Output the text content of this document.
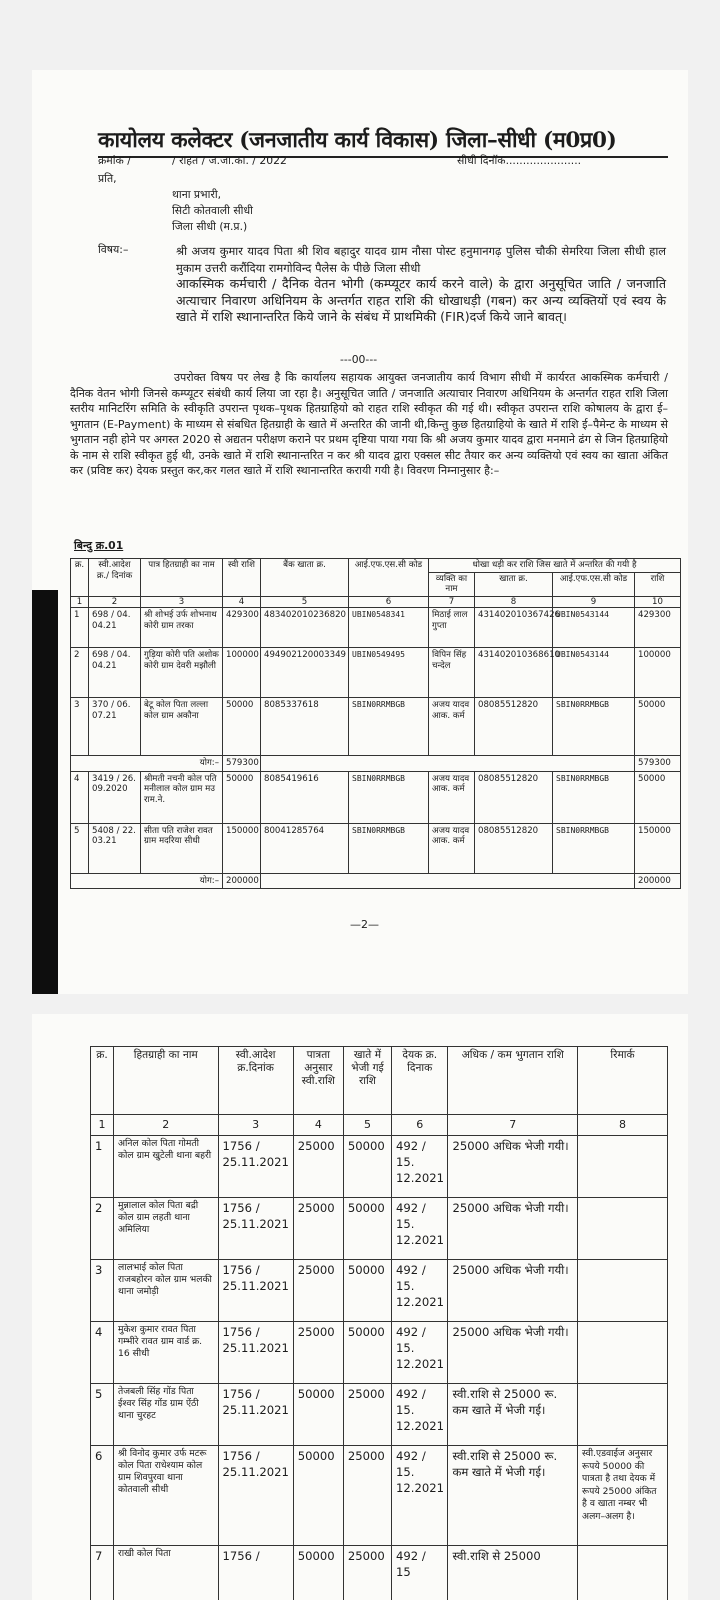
कायोलय कलेक्टर (जनजातीय कार्य विकास) जिला–सीधी (म0प्र0)
क्रमांक /	/ राहत / ज.जा.का. / 2022	सीधी दिनॉक......................
प्रति,
थाना प्रभारी,
सिटी कोतवाली सीधी
जिला सीधी (म.प्र.)
विषय:–	श्री अजय कुमार यादव पिता श्री शिव बहादुर यादव ग्राम नौसा पोस्ट हनुमानगढ़ पुलिस चौकी सेमरिया जिला सीधी हाल मुकाम उत्तरी करौंदिया रामगोविन्द पैलेस के पीछे जिला सीधी
आकस्मिक कर्मचारी / दैनिक वेतन भोगी (कम्प्यूटर कार्य करने वाले) के द्वारा अनुसूचित जाति / जनजाति अत्याचार निवारण अधिनियम के अन्तर्गत राहत राशि की धोखाधड़ी (गबन) कर अन्य व्यक्तियों एवं स्वय के खाते में राशि स्थानान्तरित किये जाने के संबंध में प्राथमिकी (FIR)दर्ज किये जाने बावत्।
---00---
उपरोक्त विषय पर लेख है कि कार्यालय सहायक आयुक्त जनजातीय कार्य विभाग सीधी में कार्यरत आकस्मिक कर्मचारी / दैनिक वेतन भोगी जिनसे कम्प्यूटर संबंधी कार्य लिया जा रहा है। अनुसूचित जाति / जनजाति अत्याचार निवारण अधिनियम के अन्तर्गत राहत राशि जिला स्तरीय मानिटरिंग समिति के स्वीकृति उपरान्त पृथक–पृथक हितग्राहियो को राहत राशि स्वीकृत की गई थी। स्वीकृत उपरान्त राशि कोषालय के द्वारा ई–भुगतान (E-Payment) के माध्यम से संबधित हितग्राही के खाते में अन्तरित की जानी थी,किन्तु कुछ हितग्राहियो के खाते में राशि ई–पैमेन्ट के माध्यम से भुगतान नही होने पर अगस्त 2020 से अद्यतन परीक्षण कराने पर प्रथम दृष्टिया पाया गया कि श्री अजय कुमार यादव द्वारा मनमाने ढंग से जिन हितग्राहियो के नाम से राशि स्वीकृत हुई थी, उनके खाते में राशि स्थानान्तरित न कर श्री यादव द्वारा एक्सल सीट तैयार कर अन्य व्यक्तियो एवं स्वय का खाता अंकित कर (प्रविष्ट कर) देयक प्रस्तुत कर,कर गलत खाते में राशि स्थानान्तरित करायी गयी है। विवरण निम्नानुसार है:–
बिन्दु क्र.01
क्र.	स्वी.आदेश क्र./ दिनांक	पात्र हितग्राही का नाम	स्वी राशि	बैंक खाता क्र.	आई.एफ.एस.सी कोड	धोखा धड़ी कर राशि जिस खाते में अन्तरित की गयी है			
						व्यक्ति का नाम	खाता क्र.	आई.एफ.एस.सी कोड	राशि
1	2	3	4	5	6	7	8	9	10
1	698 / 04. 04.21	श्री शोभई उर्फ शोभनाथ कोरी ग्राम तरका	429300	483402010236820	UBIN0548341	मिठाई लाल गुप्ता	431402010367426	UBIN0543144	429300
2	698 / 04. 04.21	गुड़िया कोरी पति अशोक कोरी ग्राम देवरी मझौली	100000	494902120003349	UBIN0549495	विपिन सिंह चन्देल	431402010368610	UBIN0543144	100000
3	370 / 06. 07.21	बेटू कोल पिता लल्ला कोल ग्राम अकौना	50000	8085337618	SBIN0RRMBGB	अजय यादव आक. कर्म	08085512820	SBIN0RRMBGB	50000
योग:–			579300						579300
4	3419 / 26. 09.2020	श्रीमती नचनी कोल पति मनीलाल कोल ग्राम मउ राम.ने.	50000	8085419616	SBIN0RRMBGB	अजय यादव आक. कर्म	08085512820	SBIN0RRMBGB	50000
5	5408 / 22. 03.21	सीता पति राजेश रावत ग्राम मदरिया सीधी	150000	80041285764	SBIN0RRMBGB	अजय यादव आक. कर्म	08085512820	SBIN0RRMBGB	150000
योग:–			200000						200000
—2—
क्र.	हितग्राही का नाम	स्वी.आदेश क्र.दिनांक	पात्रता अनुसार स्वी.राशि	खाते में भेजी गई राशि	देयक क्र. दिनाक	अधिक / कम भुगतान राशि	रिमार्क
1	2	3	4	5	6	7	8
1	अनिल कोल पिता गोमती कोल ग्राम खुटेली थाना बहरी	1756 / 25.11.2021	25000	50000	492 / 15. 12.2021	25000 अधिक भेजी गयी।	
2	मुन्नालाल कोल पिता बद्री कोल ग्राम लहती थाना अमिलिया	1756 / 25.11.2021	25000	50000	492 / 15. 12.2021	25000 अधिक भेजी गयी।	
3	लालभाई कोल पिता राजबहोरन कोल ग्राम भलकी थाना जमोड़ी	1756 / 25.11.2021	25000	50000	492 / 15. 12.2021	25000 अधिक भेजी गयी।	
4	मुकेश कुमार रावत पिता गम्भीरे रावत ग्राम वार्ड क्र. 16 सीधी	1756 / 25.11.2021	25000	50000	492 / 15. 12.2021	25000 अधिक भेजी गयी।	
5	तेजबली सिंह गोंड पिता ईश्वर सिंह गोंड ग्राम ऐंठी थाना चुरहट	1756 / 25.11.2021	50000	25000	492 / 15. 12.2021	स्वी.राशि से 25000 रू. कम खाते में भेजी गई।	
6	श्री विनोद कुमार उर्फ मटरू कोल पिता राधेश्याम कोल ग्राम शिवपुरवा थाना कोतवाली सीधी	1756 / 25.11.2021	50000	25000	492 / 15. 12.2021	स्वी.राशि से 25000 रू. कम खाते में भेजी गई।	स्वी.एडवाईज अनुसार रूपये 50000 की पात्रता है तथा देयक में रूपये 25000 अंकित है व खाता नम्बर भी अलग–अलग है।
7	राखी कोल पिता	1756 /	50000	25000	492 / 15	स्वी.राशि से 25000	
